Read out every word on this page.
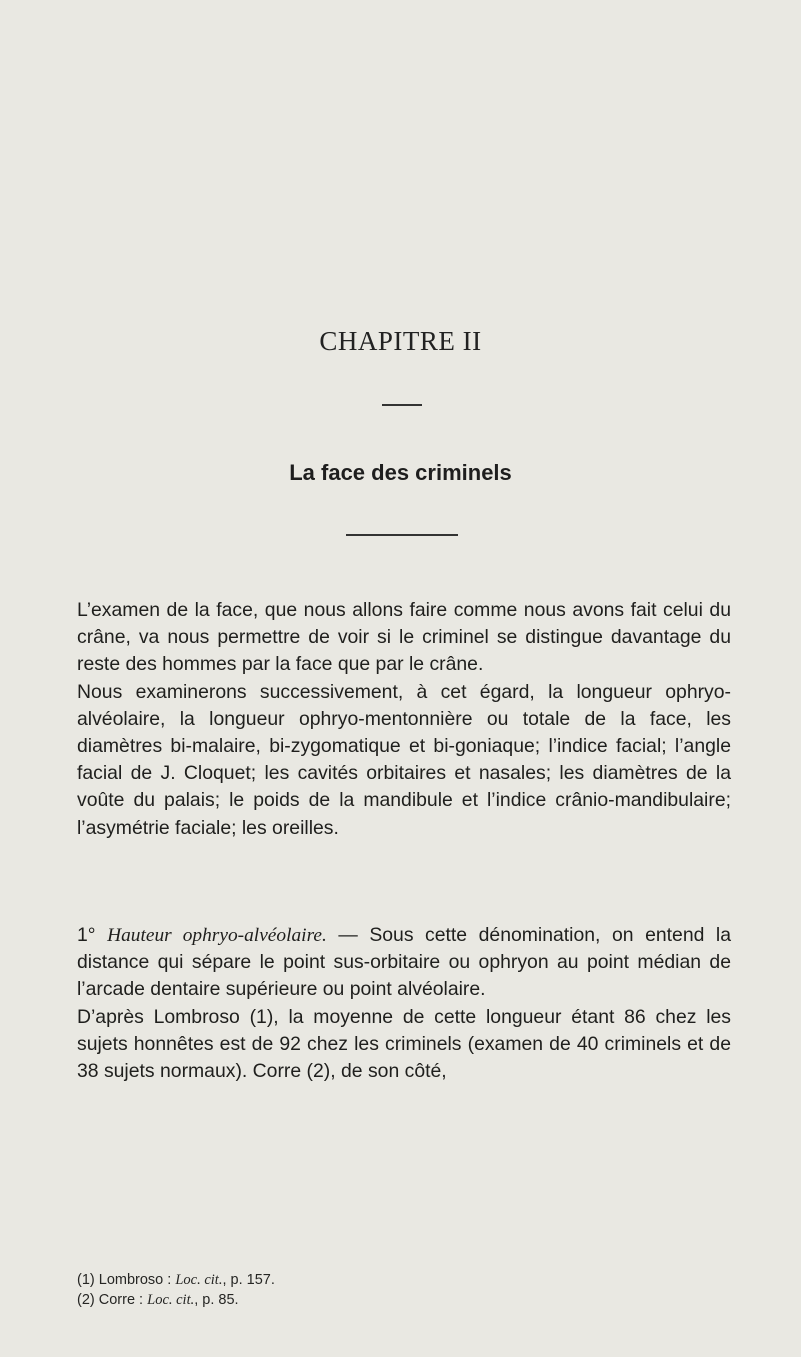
CHAPITRE II
La face des criminels

L’examen de la face, que nous allons faire comme nous avons fait celui du crâne, va nous permettre de voir si le criminel se distingue davantage du reste des hommes par la face que par le crâne.

Nous examinerons successivement, à cet égard, la longueur ophryo-alvéolaire, la longueur ophryo-mentonnière ou totale de la face, les diamètres bi-malaire, bi-zygomatique et bi-goniaque; l’indice facial; l’angle facial de J. Cloquet; les cavités orbitaires et nasales; les diamètres de la voûte du palais; le poids de la mandibule et l’indice crânio-mandibulaire; l’asymétrie faciale; les oreilles.

1° Hauteur ophryo-alvéolaire. — Sous cette dénomination, on entend la distance qui sépare le point sus-orbitaire ou ophryon au point médian de l’arcade dentaire supérieure ou point alvéolaire.

D’après Lombroso (1), la moyenne de cette longueur étant 86 chez les sujets honnêtes est de 92 chez les criminels (examen de 40 criminels et de 38 sujets normaux). Corre (2), de son côté,

(1) Lombroso : Loc. cit., p. 157.
(2) Corre : Loc. cit., p. 85.
